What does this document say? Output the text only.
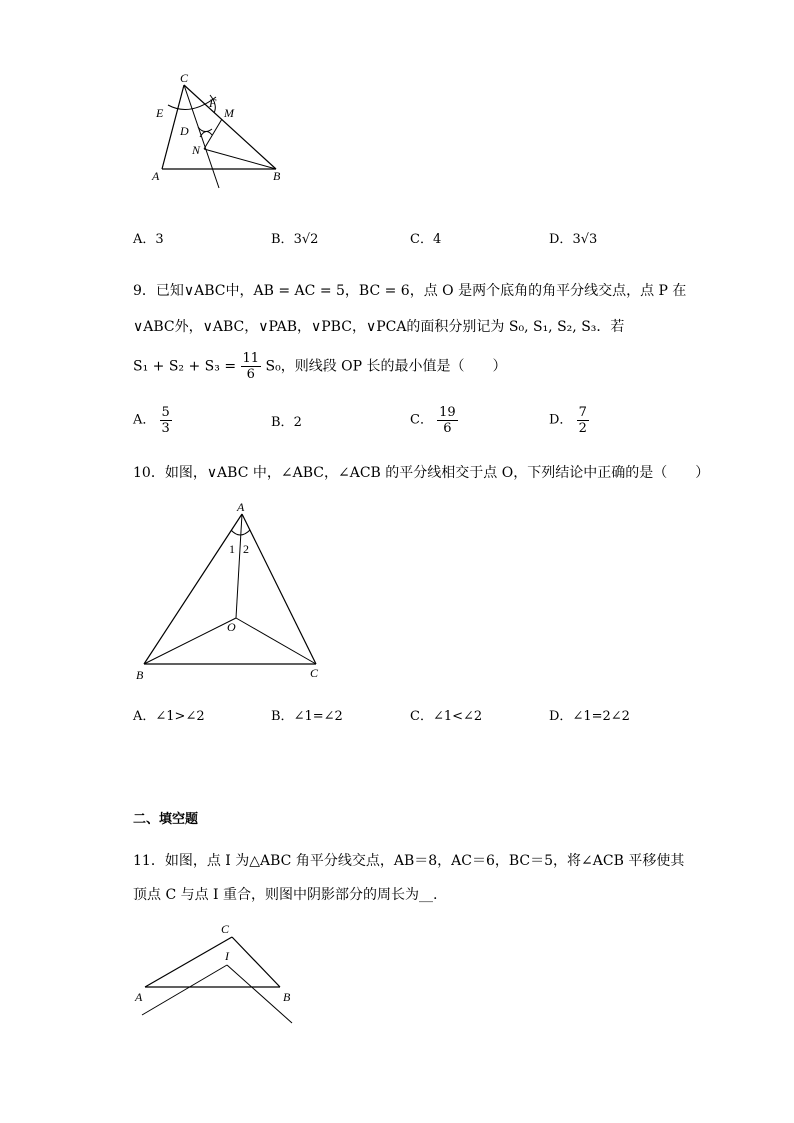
C
E
F
M
D
N
A	B
A．3	B．3√2	C．4	D．3√3
9．已知∨ABC中，AB = AC = 5，BC = 6，点 O 是两个底角的角平分线交点，点 P 在
∨ABC外，∨ABC，∨PAB，∨PBC，∨PCA的面积分别记为 S₀, S₁, S₂, S₃．若
$S_1 + S_2 + S_3 = \frac{11}{6} S_0$，则线段 OP 长的最小值是（　　）
A． $\frac{5}{3}$	B．2	C． $\frac{19}{6}$	D． $\frac{7}{2}$
10．如图，∨ABC 中，∠ABC，∠ACB 的平分线相交于点 O，下列结论中正确的是（　　）
A
1 2
O
B	C
A．∠1>∠2	B．∠1=∠2	C．∠1<∠2	D．∠1=2∠2
二、填空题
11．如图，点 I 为△ABC 角平分线交点，AB＝8，AC＝6，BC＝5，将∠ACB 平移使其
顶点 C 与点 I 重合，则图中阴影部分的周长为__.
C
I
A	B
